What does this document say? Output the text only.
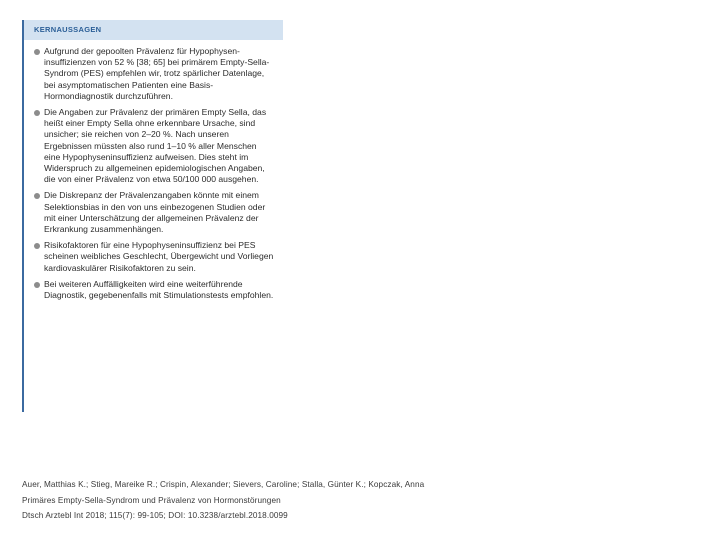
KERNAUSSAGEN
Aufgrund der gepoolten Prävalenz für Hypophysen-insuffizienzen von 52 % [38; 65] bei primärem Empty-Sella-Syndrom (PES) empfehlen wir, trotz spärlicher Datenlage, bei asymptomatischen Patienten eine Basis-Hormondiagnostik durchzuführen.
Die Angaben zur Prävalenz der primären Empty Sella, das heißt einer Empty Sella ohne erkennbare Ursache, sind unsicher; sie reichen von 2–20 %. Nach unseren Ergebnissen müssten also rund 1–10 % aller Menschen eine Hypophyseninsuffizienz aufweisen. Dies steht im Widerspruch zu allgemeinen epidemiologischen Angaben, die von einer Prävalenz von etwa 50/100 000 ausgehen.
Die Diskrepanz der Prävalenzangaben könnte mit einem Selektionsbias in den von uns einbezogenen Studien oder mit einer Unterschätzung der allgemeinen Prävalenz der Erkrankung zusammenhängen.
Risikofaktoren für eine Hypophyseninsuffizienz bei PES scheinen weibliches Geschlecht, Übergewicht und Vorliegen kardiovaskulärer Risikofaktoren zu sein.
Bei weiteren Auffälligkeiten wird eine weiterführende Diagnostik, gegebenenfalls mit Stimulationstests empfohlen.
Auer, Matthias K.; Stieg, Mareike R.; Crispin, Alexander; Sievers, Caroline; Stalla, Günter K.; Kopczak, Anna
Primäres Empty-Sella-Syndrom und Prävalenz von Hormonstörungen
Dtsch Arztebl Int 2018; 115(7): 99-105; DOI: 10.3238/arztebl.2018.0099
